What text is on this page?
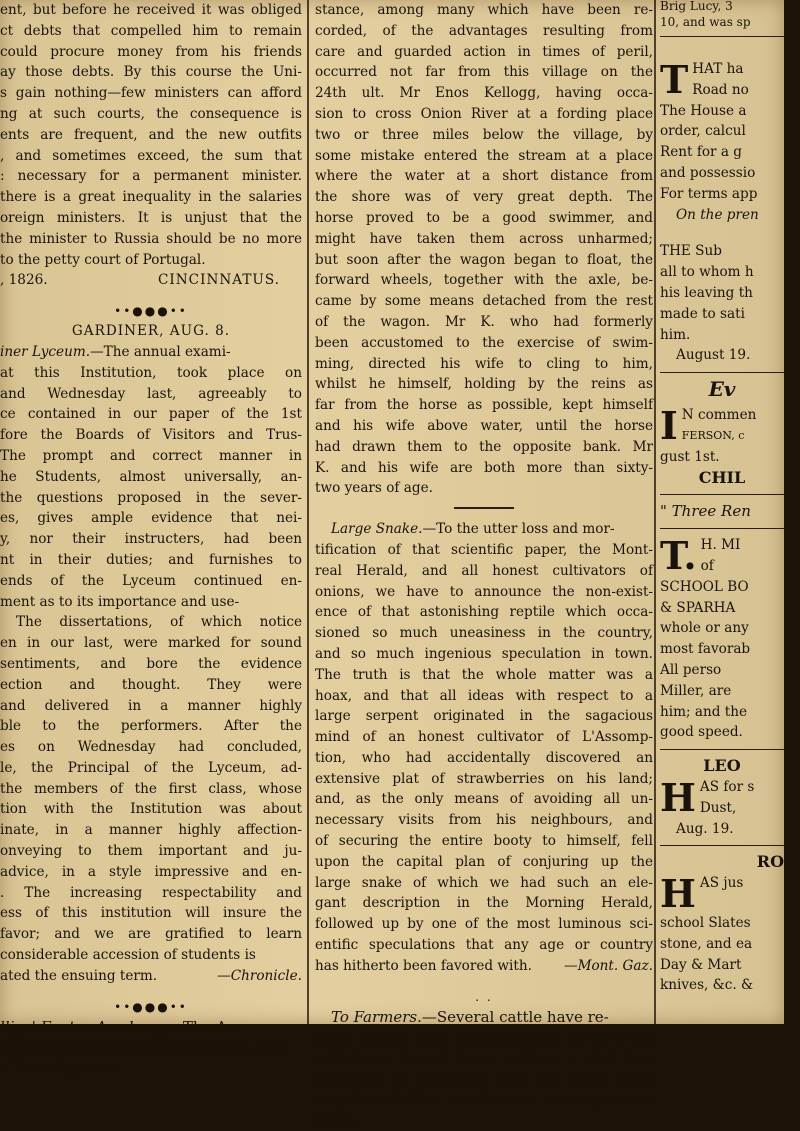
ent, but before he received it was obliged
ct debts that compelled him to remain
could procure money from his friends
ay those debts. By this course the Uni-
s gain nothing—few ministers can afford
ng at such courts, the consequence is
ents are frequent, and the new outfits
, and sometimes exceed, the sum that
: necessary for a permanent minister.
there is a great inequality in the salaries
oreign ministers. It is unjust that the
the minister to Russia should be no more
to the petty court of Portugal.
, 1826.	CINCINNATUS.
••●●●••
GARDINER, AUG. 8.
iner Lyceum.—The annual exami-
at this Institution, took place on
and Wednesday last, agreeably to
ce contained in our paper of the 1st
fore the Boards of Visitors and Trus-
The prompt and correct manner in
he Students, almost universally, an-
the questions proposed in the sever-
es, gives ample evidence that nei-
y, nor their instructers, had been
nt in their duties; and furnishes to
ends of the Lyceum continued en-
ment as to its importance and use-
The dissertations, of which notice
en in our last, were marked for sound
sentiments, and bore the evidence
ection and thought. They were
and delivered in a manner highly
ble to the performers. After the
es on Wednesday had concluded,
le, the Principal of the Lyceum, ad-
the members of the first class, whose
tion with the Institution was about
inate, in a manner highly affection-
onveying to them important and ju-
advice, in a style impressive and en-
. The increasing respectability and
ess of this institution will insure the
favor; and we are gratified to learn
considerable accession of students is
ated the ensuing term.	—Chronicle.
••●●●••
llips' Exeter Academy.—The An-
blic Exhibition at this institution will take
n Thursday next.
stance, among many which have been re-
corded, of the advantages resulting from
care and guarded action in times of peril,
occurred not far from this village on the
24th ult. Mr Enos Kellogg, having occa-
sion to cross Onion River at a fording place
two or three miles below the village, by
some mistake entered the stream at a place
where the water at a short distance from
the shore was of very great depth. The
horse proved to be a good swimmer, and
might have taken them across unharmed;
but soon after the wagon began to float, the
forward wheels, together with the axle, be-
came by some means detached from the rest
of the wagon. Mr K. who had formerly
been accustomed to the exercise of swim-
ming, directed his wife to cling to him,
whilst he himself, holding by the reins as
far from the horse as possible, kept himself
and his wife above water, until the horse
had drawn them to the opposite bank. Mr
K. and his wife are both more than sixty-
two years of age.
Large Snake.—To the utter loss and mor-
tification of that scientific paper, the Mont-
real Herald, and all honest cultivators of
onions, we have to announce the non-exist-
ence of that astonishing reptile which occa-
sioned so much uneasiness in the country,
and so much ingenious speculation in town.
The truth is that the whole matter was a
hoax, and that all ideas with respect to a
large serpent originated in the sagacious
mind of an honest cultivator of L'Assomp-
tion, who had accidentally discovered an
extensive plat of strawberries on his land;
and, as the only means of avoiding all un-
necessary visits from his neighbours, and
of securing the entire booty to himself, fell
upon the capital plan of conjuring up the
large snake of which we had such an ele-
gant description in the Morning Herald,
followed up by one of the most luminous sci-
entific speculations that any age or country
has hitherto been favored with.	—Mont. Gaz.
. .
To Farmers.—Several cattle have re-
cently died in Conn from eating the leaves of the
wild cherry tree. A farmer in Penn. a short time
since lost six fine cows, from the same cause:
they died in half an hour from the time they ate the
leaves.
Brig Lucy, 3
10, and was sp
T HAT ha
Road no
The House a
order, calcul
Rent for a g
and possessio
For terms app
On the pren
THE Sub
all to whom h
his leaving th
made to sati
him.
August 19.
Ev
I N commen
FERSON, c
gust 1st.
CHIL
" Three Ren
T. H. MI
of
SCHOOL BO
& SPARHA
whole or any
most favorab
All perso
Miller, are
him; and the
good speed.
LEO
H AS for s
Dust,
Aug. 19.
RO
H AS jus
school Slates
stone, and ea
Day & Mart
knives, &c. &
